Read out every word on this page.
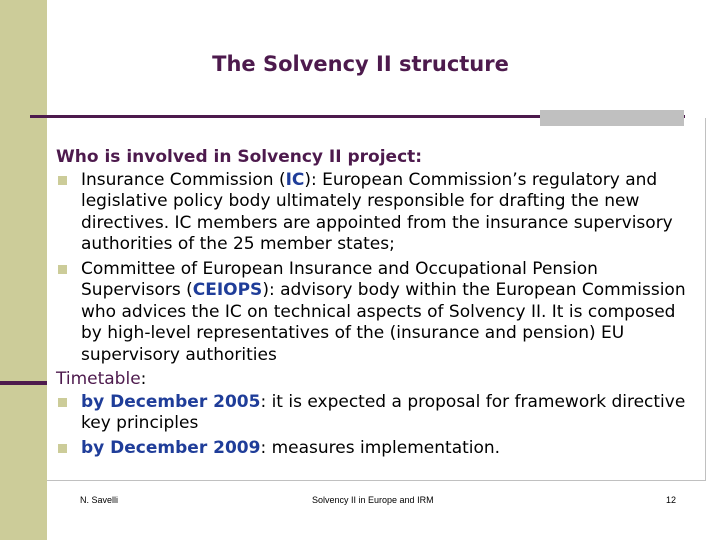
The Solvency II structure
Who is involved in Solvency II project:
Insurance Commission (IC): European Commission’s regulatory and legislative policy body ultimately responsible for drafting the new directives. IC members are appointed from the insurance supervisory authorities of the 25 member states;
Committee of European Insurance and Occupational Pension Supervisors (CEIOPS): advisory body within the European Commission who advices the IC on technical aspects of Solvency II. It is composed by high-level representatives of the (insurance and pension) EU supervisory authorities
Timetable:
by December 2005: it is expected a proposal for framework directive key principles
by December 2009: measures implementation.
N. Savelli	Solvency II in Europe and IRM	12
